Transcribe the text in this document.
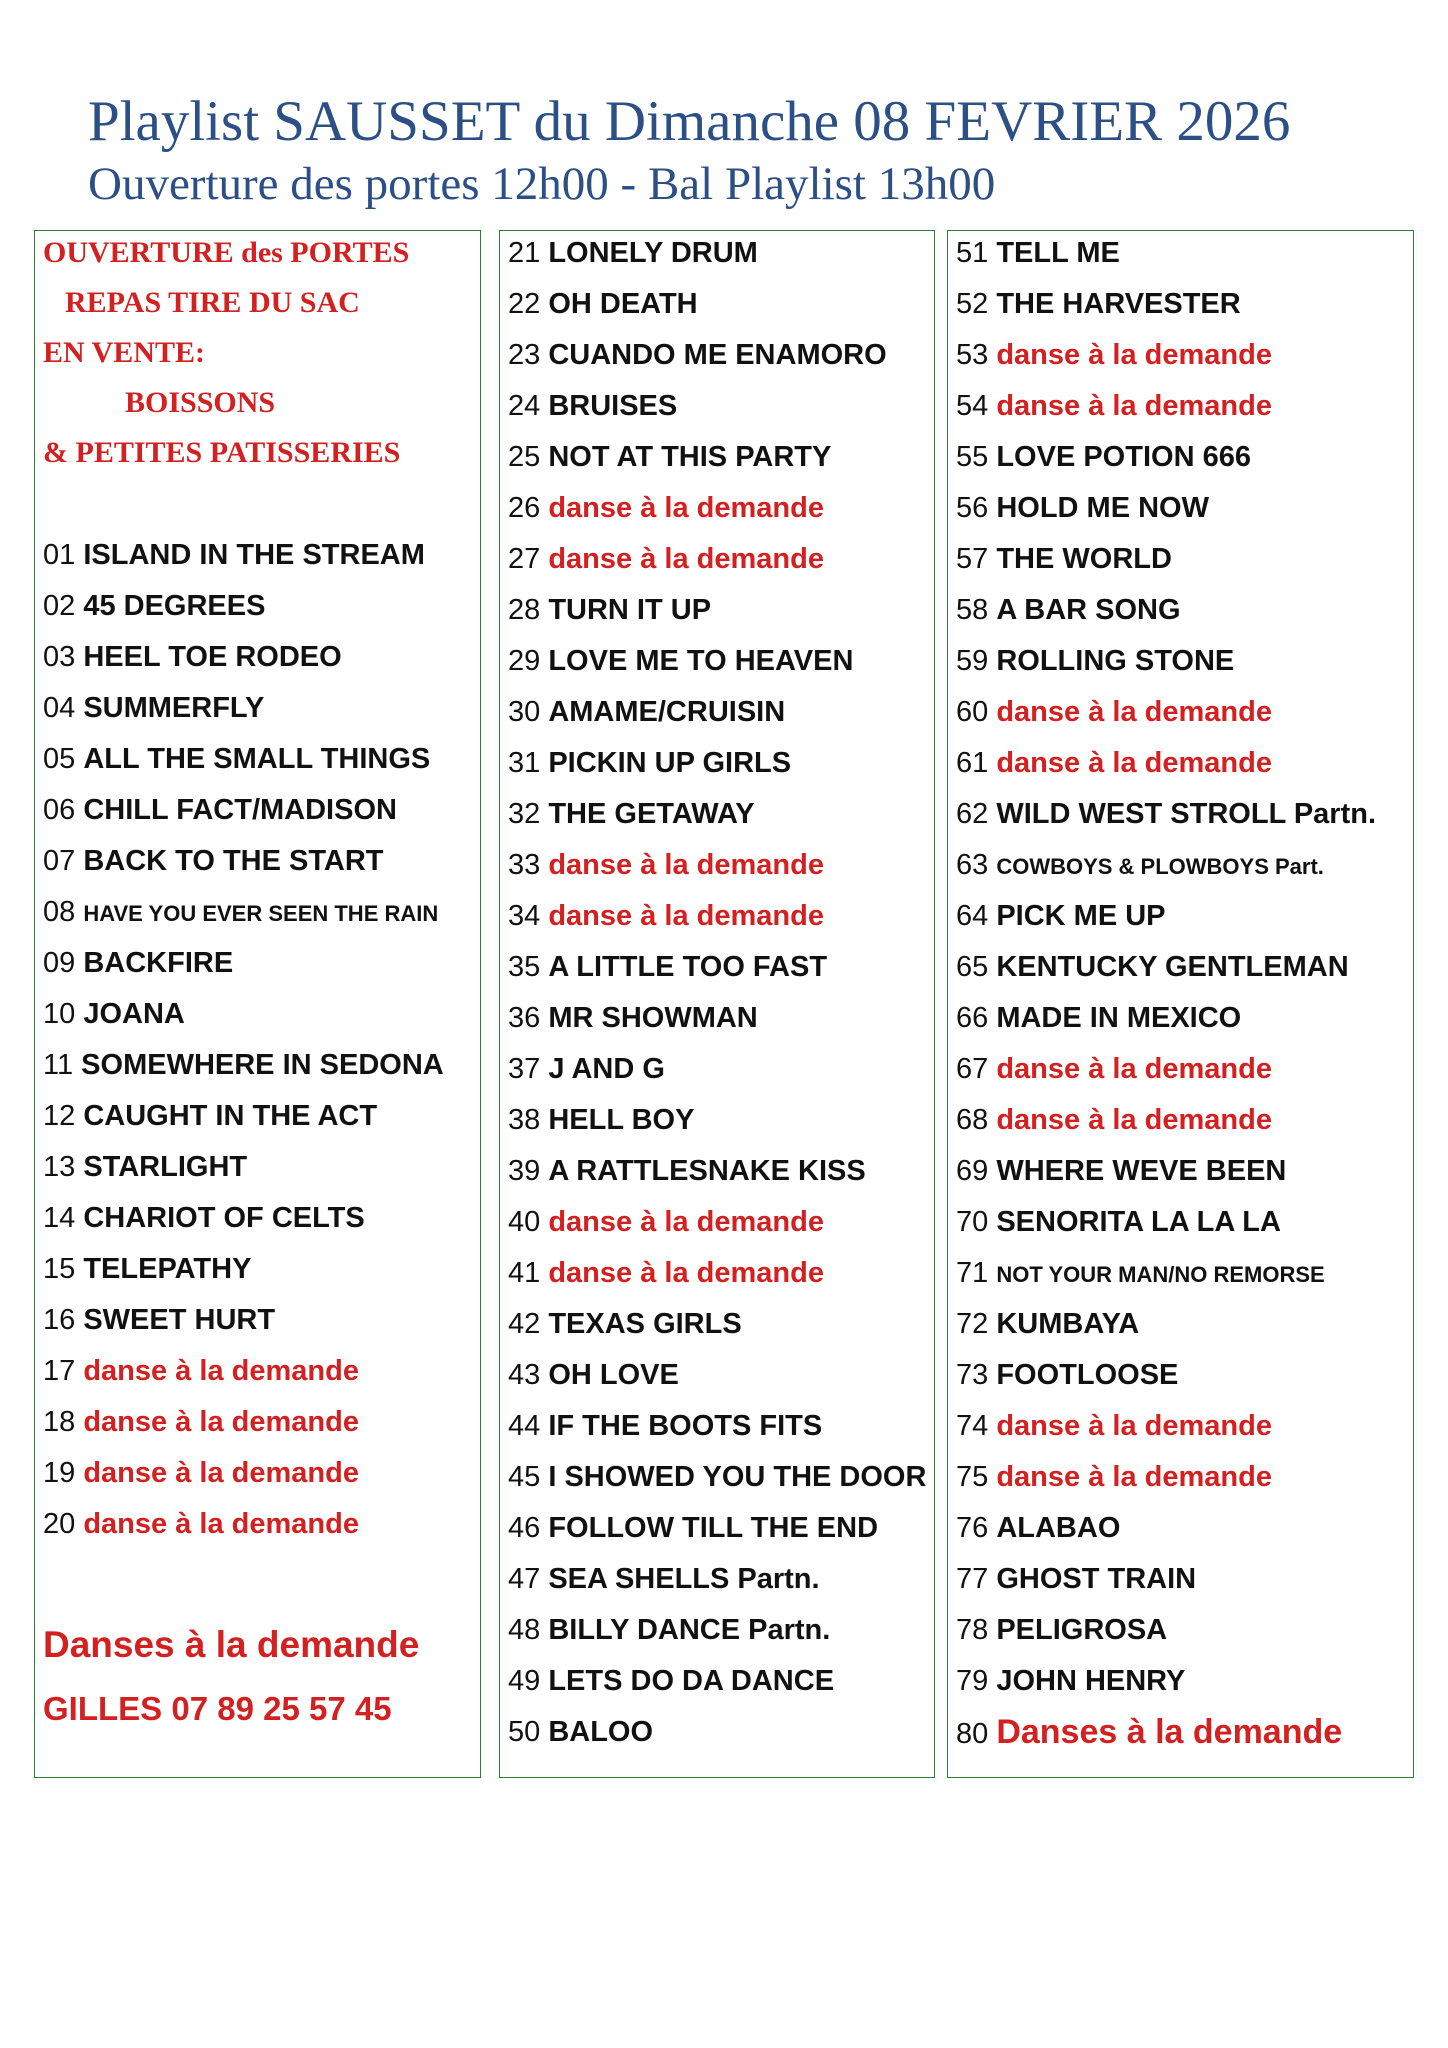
Playlist SAUSSET du Dimanche 08 FEVRIER 2026
Ouverture des portes 12h00 - Bal Playlist 13h00
OUVERTURE des PORTES
REPAS TIRE DU SAC
EN VENTE:
BOISSONS
& PETITES PATISSERIES
01 ISLAND IN THE STREAM
02 45 DEGREES
03 HEEL TOE RODEO
04 SUMMERFLY
05 ALL THE SMALL THINGS
06 CHILL FACT/MADISON
07 BACK TO THE START
08 HAVE YOU EVER SEEN THE RAIN
09 BACKFIRE
10 JOANA
11 SOMEWHERE IN SEDONA
12 CAUGHT IN THE ACT
13 STARLIGHT
14 CHARIOT OF CELTS
15 TELEPATHY
16 SWEET HURT
17 danse à la demande
18 danse à la demande
19 danse à la demande
20 danse à la demande
Danses à la demande
GILLES 07 89 25 57 45
21 LONELY DRUM
22 OH DEATH
23 CUANDO ME ENAMORO
24 BRUISES
25 NOT AT THIS PARTY
26 danse à la demande
27 danse à la demande
28 TURN IT UP
29 LOVE ME TO HEAVEN
30 AMAME/CRUISIN
31 PICKIN UP GIRLS
32 THE GETAWAY
33 danse à la demande
34 danse à la demande
35 A LITTLE TOO FAST
36 MR SHOWMAN
37 J AND G
38 HELL BOY
39 A RATTLESNAKE KISS
40 danse à la demande
41 danse à la demande
42 TEXAS GIRLS
43 OH LOVE
44 IF THE BOOTS FITS
45 I SHOWED YOU THE DOOR
46 FOLLOW TILL THE END
47 SEA SHELLS Partn.
48 BILLY DANCE Partn.
49 LETS DO DA DANCE
50 BALOO
51 TELL ME
52 THE HARVESTER
53 danse à la demande
54 danse à la demande
55 LOVE POTION 666
56 HOLD ME NOW
57 THE WORLD
58 A BAR SONG
59 ROLLING STONE
60 danse à la demande
61 danse à la demande
62 WILD WEST STROLL Partn.
63 COWBOYS & PLOWBOYS Part.
64 PICK ME UP
65 KENTUCKY GENTLEMAN
66 MADE IN MEXICO
67 danse à la demande
68 danse à la demande
69 WHERE WEVE BEEN
70 SENORITA LA LA LA
71 NOT YOUR MAN/NO REMORSE
72 KUMBAYA
73 FOOTLOOSE
74 danse à la demande
75 danse à la demande
76 ALABAO
77 GHOST TRAIN
78 PELIGROSA
79 JOHN HENRY
80 Danses à la demande
